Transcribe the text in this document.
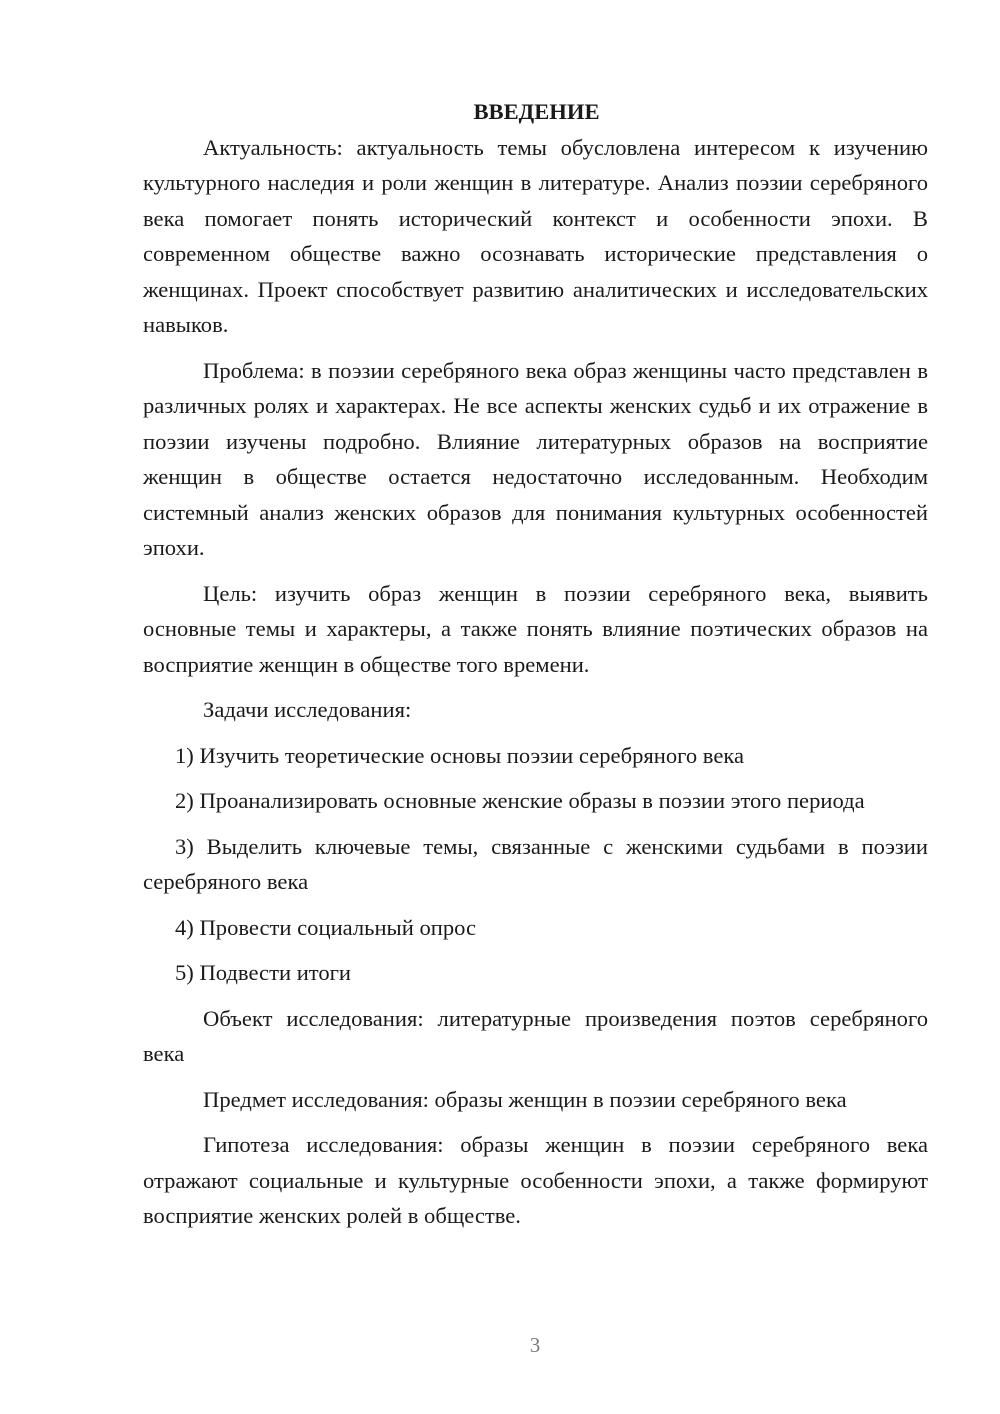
ВВЕДЕНИЕ

Актуальность: актуальность темы обусловлена интересом к изучению культурного наследия и роли женщин в литературе. Анализ поэзии серебряного века помогает понять исторический контекст и особенности эпохи. В современном обществе важно осознавать исторические представления о женщинах. Проект способствует развитию аналитических и исследовательских навыков.

Проблема: в поэзии серебряного века образ женщины часто представлен в различных ролях и характерах. Не все аспекты женских судьб и их отражение в поэзии изучены подробно. Влияние литературных образов на восприятие женщин в обществе остается недостаточно исследованным. Необходим системный анализ женских образов для понимания культурных особенностей эпохи.

Цель: изучить образ женщин в поэзии серебряного века, выявить основные темы и характеры, а также понять влияние поэтических образов на восприятие женщин в обществе того времени.

Задачи исследования:

1) Изучить теоретические основы поэзии серебряного века

2) Проанализировать основные женские образы в поэзии этого периода

3) Выделить ключевые темы, связанные с женскими судьбами в поэзии серебряного века

4) Провести социальный опрос

5) Подвести итоги

Объект исследования: литературные произведения поэтов серебряного века

Предмет исследования: образы женщин в поэзии серебряного века

Гипотеза исследования: образы женщин в поэзии серебряного века отражают социальные и культурные особенности эпохи, а также формируют восприятие женских ролей в обществе.

3
